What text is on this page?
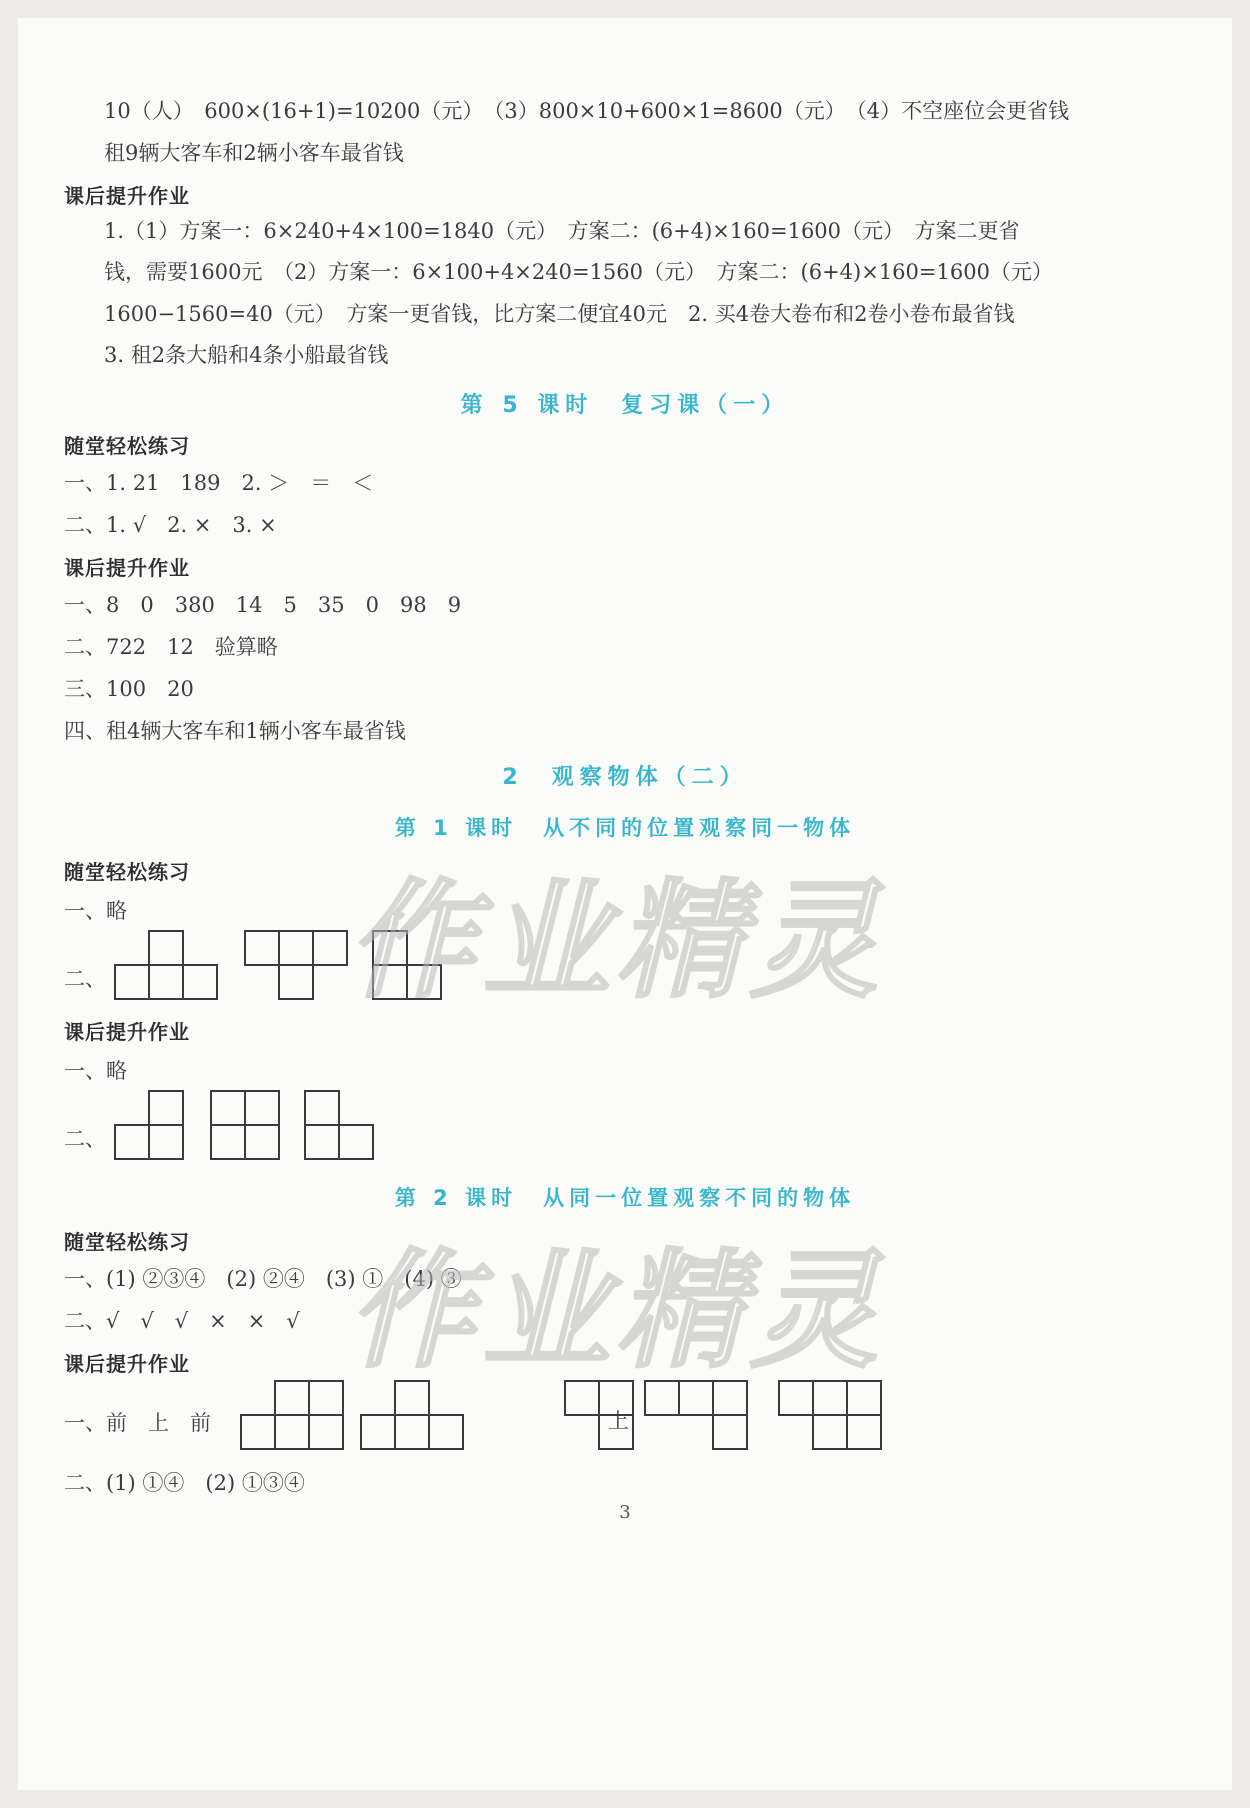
10（人）　600×(16+1)=10200（元）　（3）800×10+600×1=8600（元）　（4）不空座位会更省钱
租9辆大客车和2辆小客车最省钱
课后提升作业
1.（1）方案一：6×240+4×100=1840（元）　方案二：(6+4)×160=1600（元）　方案二更省
钱，需要1600元　（2）方案一：6×100+4×240=1560（元）　方案二：(6+4)×160=1600（元）
1600−1560=40（元）　方案一更省钱，比方案二便宜40元　2. 买4卷大卷布和2卷小卷布最省钱
3. 租2条大船和4条小船最省钱
第 5 课时　复习课（一）
随堂轻松练习
一、1. 21　189　2. ＞　＝　＜
二、1. √　2. ×　3. ×
课后提升作业
一、8　0　380　14　5　35　0　98　9
二、722　12　验算略
三、100　20
四、租4辆大客车和1辆小客车最省钱
2　观察物体（二）
第 1 课时　从不同的位置观察同一物体
随堂轻松练习
一、略
二、
课后提升作业
一、略
二、
第 2 课时　从同一位置观察不同的物体
随堂轻松练习
一、(1) ②③④　(2) ②④　(3) ①　(4) ③
二、√　√　√　×　×　√
课后提升作业
一、前　上　前	上
二、(1) ①④　(2) ①③④
作业精灵
作业精灵
3
